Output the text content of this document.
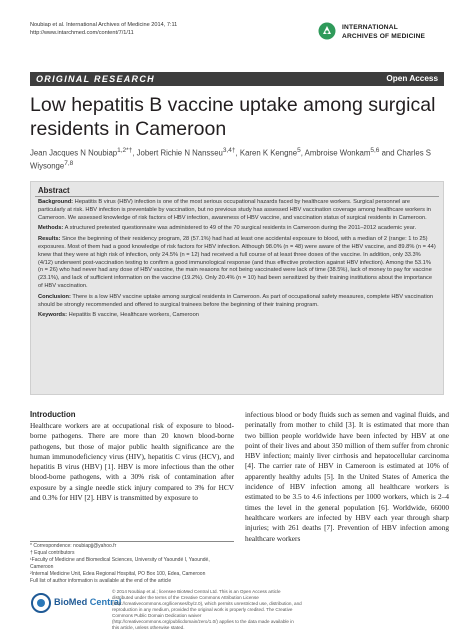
Noubiap et al. International Archives of Medicine 2014, 7:11
http://www.intarchmed.com/content/7/1/11
INTERNATIONAL
ARCHIVES OF MEDICINE
ORIGINAL RESEARCH	Open Access
Low hepatitis B vaccine uptake among surgical residents in Cameroon
Jean Jacques N Noubiap$^{1,2*\dagger}$, Jobert Richie N Nansseu$^{3,4\dagger}$, Karen K Kengne$^5$, Ambroise Wonkam$^{5,6}$ and Charles S Wiysonge$^{7,8}$
Abstract

Background: Hepatitis B virus (HBV) infection is one of the most serious occupational hazards faced by healthcare workers. Surgical personnel are particularly at risk. HBV infection is preventable by vaccination, but no previous study has assessed HBV vaccination coverage among healthcare workers in Cameroon. We assessed knowledge of risk factors of HBV infection, awareness of HBV vaccine, and vaccination status of surgical residents in Cameroon.

Methods: A structured pretested questionnaire was administered to 49 of the 70 surgical residents in Cameroon during the 2011–2012 academic year.

Results: Since the beginning of their residency program, 28 (57.1%) had had at least one accidental exposure to blood, with a median of 2 (range: 1 to 25) exposures. Most of them had a good knowledge of risk factors for HBV infection. Although 98.0% (n = 48) were aware of the HBV vaccine, and 89.8% (n = 44) knew that they were at high risk of infection, only 24.5% (n = 12) had received a full course of at least three doses of the vaccine. In addition, only 33.3% (4/12) underwent post-vaccination testing to confirm a good immunological response (and thus effective protection against HBV infection). Among the 53.1% (n = 26) who had never had any dose of HBV vaccine, the main reasons for not being vaccinated were lack of time (38.5%), lack of money to pay for vaccine (23.1%), and lack of sufficient information on the vaccine (19.2%). Only 20.4% (n = 10) had been sensitized by their training institutions about the importance of HBV vaccination.

Conclusion: There is a low HBV vaccine uptake among surgical residents in Cameroon. As part of occupational safety measures, complete HBV vaccination should be strongly recommended and offered to surgical trainees before the beginning of their training program.

Keywords: Hepatitis B vaccine, Healthcare workers, Cameroon

Introduction

Healthcare workers are at occupational risk of exposure to blood-borne pathogens. There are more than 20 known blood-borne pathogens, but those of major public health significance are the human immunodeficiency virus (HIV), hepatitis C virus (HCV), and hepatitis B virus (HBV) [1]. HBV is more infectious than the other blood-borne pathogens, with a 30% risk of contamination after exposure by a single needle stick injury compared to 3% for HCV and 0.3% for HIV [2]. HBV is transmitted by exposure to

infectious blood or body fluids such as semen and vaginal fluids, and perinatally from mother to child [3]. It is estimated that more than two billion people worldwide have been infected by HBV at one point of their lives and about 350 million of them suffer from chronic HBV infection; mainly liver cirrhosis and hepatocellular carcinoma [4]. The carrier rate of HBV in Cameroon is estimated at 10% of apparently healthy adults [5]. In the United States of America the incidence of HBV infection among all healthcare workers is estimated to be 3.5 to 4.6 infections per 1000 workers, which is 2–4 times the level in the general population [6]. Worldwide, 66000 healthcare workers are infected by HBV each year through sharp injuries; with 261 deaths [7]. Prevention of HBV infection among healthcare workers

* Correspondence: noubiapjj@yahoo.fr
† Equal contributors
¹Faculty of Medicine and Biomedical Sciences, University of Yaoundé I, Yaoundé, Cameroon
²Internal Medicine Unit, Edea Regional Hospital, PO Box 100, Edea, Cameroon
Full list of author information is available at the end of the article
BioMed Central
© 2014 Noubiap et al.; licensee BioMed Central Ltd. This is an Open Access article distributed under the terms of the Creative Commons Attribution License (http://creativecommons.org/licenses/by/2.0), which permits unrestricted use, distribution, and reproduction in any medium, provided the original work is properly credited. The Creative Commons Public Domain Dedication waiver (http://creativecommons.org/publicdomain/zero/1.0/) applies to the data made available in this article, unless otherwise stated.
